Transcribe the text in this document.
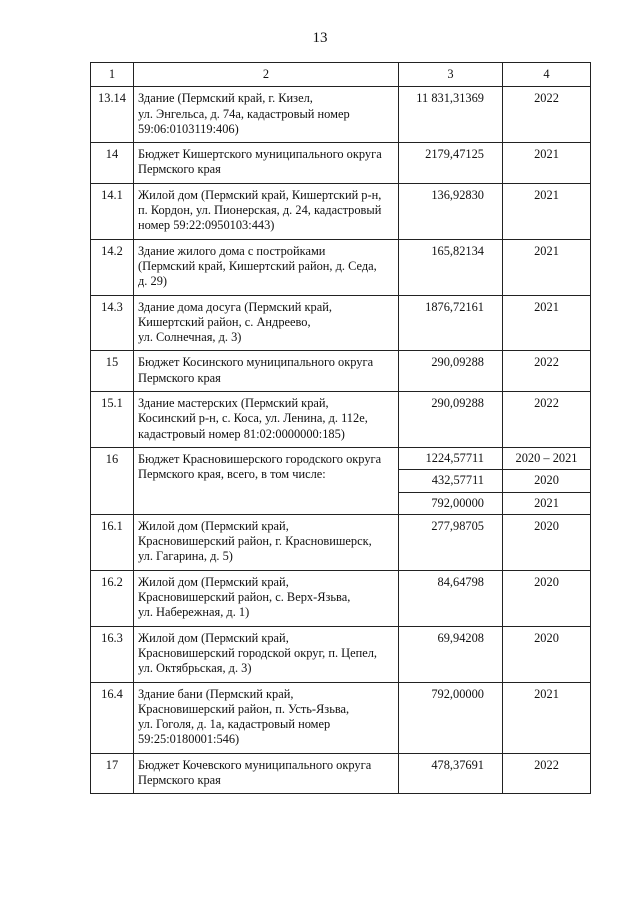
13
1	2	3	4
13.14	Здание (Пермский край, г. Кизел,
ул. Энгельса, д. 74а, кадастровый номер
59:06:0103119:406)	11 831,31369	2022
14	Бюджет Кишертского муниципального округа
Пермского края	2179,47125	2021
14.1	Жилой дом (Пермский край, Кишертский р-н,
п. Кордон, ул. Пионерская, д. 24, кадастровый
номер 59:22:0950103:443)	136,92830	2021
14.2	Здание жилого дома с постройками
(Пермский край, Кишертский район, д. Седа,
д. 29)	165,82134	2021
14.3	Здание дома досуга (Пермский край,
Кишертский район, с. Андреево,
ул. Солнечная, д. 3)	1876,72161	2021
15	Бюджет Косинского муниципального округа
Пермского края	290,09288	2022
15.1	Здание мастерских (Пермский край,
Косинский р-н, с. Коса, ул. Ленина, д. 112е,
кадастровый номер 81:02:0000000:185)	290,09288	2022
16	Бюджет Красновишерского городского округа
Пермского края, всего, в том числе:	1224,57711	2020 – 2021
		432,57711	2020
		792,00000	2021
16.1	Жилой дом (Пермский край,
Красновишерский район, г. Красновишерск,
ул. Гагарина, д. 5)	277,98705	2020
16.2	Жилой дом (Пермский край,
Красновишерский район, с. Верх-Язьва,
ул. Набережная, д. 1)	84,64798	2020
16.3	Жилой дом (Пермский край,
Красновишерский городской округ, п. Цепел,
ул. Октябрьская, д. 3)	69,94208	2020
16.4	Здание бани (Пермский край,
Красновишерский район, п. Усть-Язьва,
ул. Гоголя, д. 1а, кадастровый номер
59:25:0180001:546)	792,00000	2021
17	Бюджет Кочевского муниципального округа
Пермского края	478,37691	2022
